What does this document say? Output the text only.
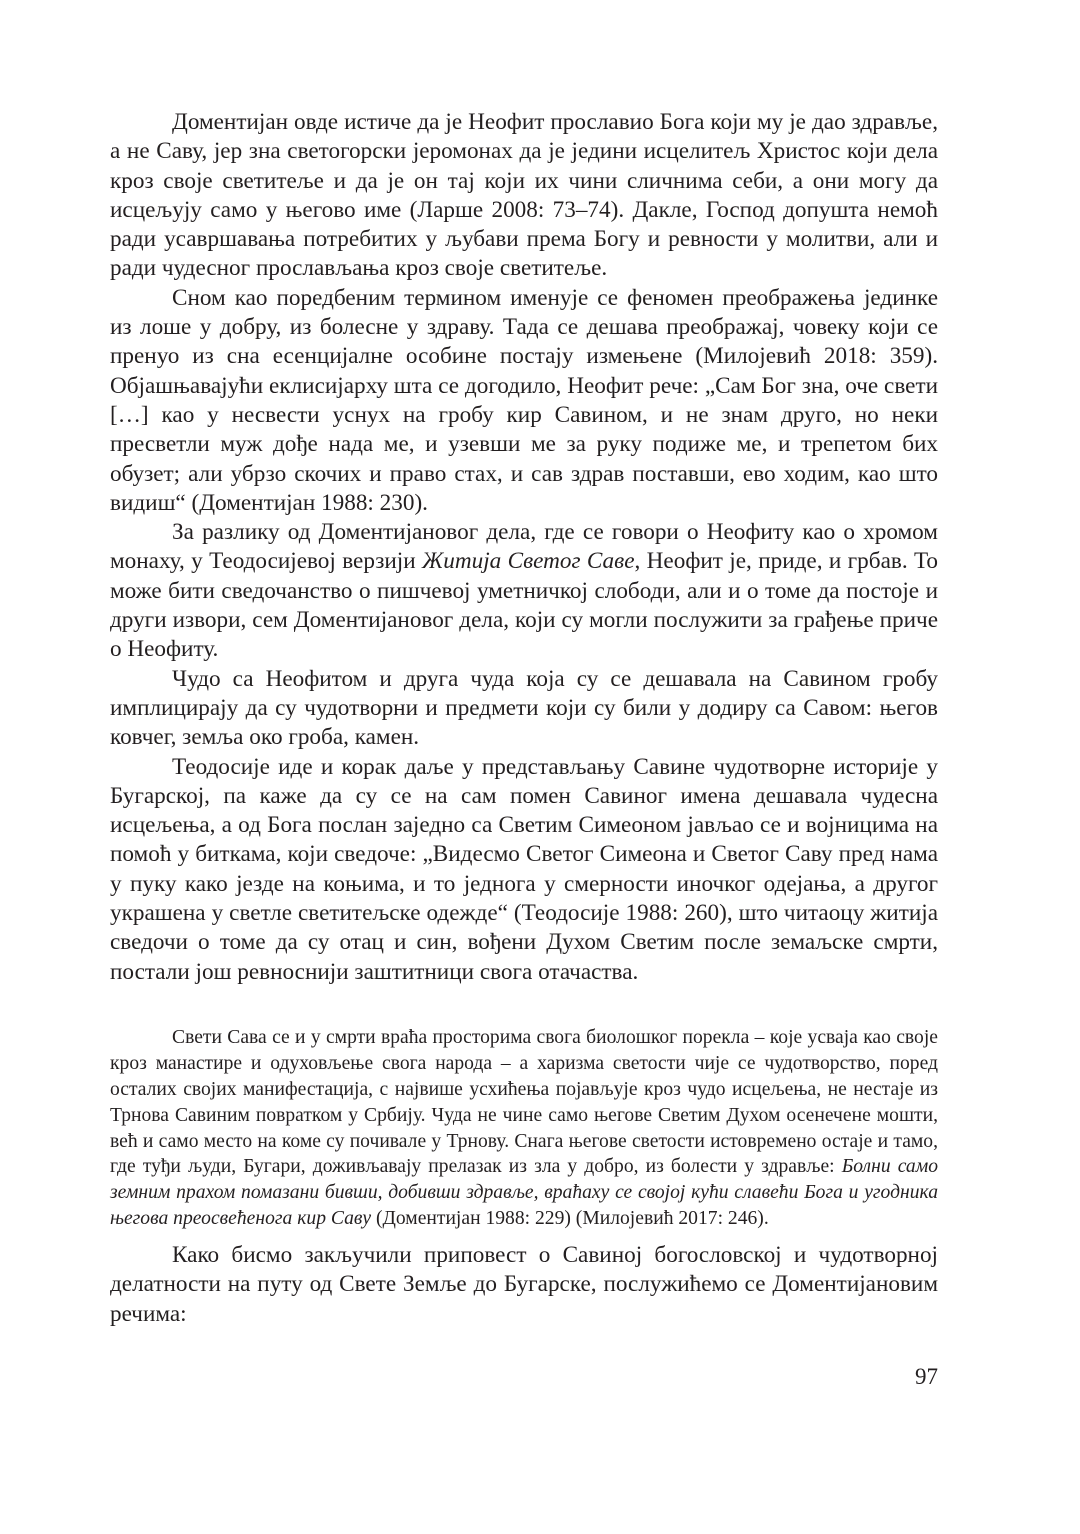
Доментијан овде истиче да је Неофит прославио Бога који му је дао здравље, а не Саву, јер зна светогорски јеромонах да је једини исцелитељ Христос који дела кроз своје светитеље и да је он тај који их чини сличнима себи, а они могу да исцељују само у његово име (Ларше 2008: 73–74). Дакле, Господ допушта немоћ ради усавршавања потребитих у љубави према Богу и ревности у молитви, али и ради чудесног прослављања кроз своје светитеље.

Сном као поредбеним термином именује се феномен преображења јединке из лоше у добру, из болесне у здраву. Тада се дешава преображај, човеку који се пренуо из сна есенцијалне особине постају измењене (Милојевић 2018: 359). Објашњавајући еклисијарху шта се догодило, Неофит рече: „Сам Бог зна, оче свети […] као у несвести уснух на гробу кир Савином, и не знам друго, но неки пресветли муж дође нада ме, и узевши ме за руку подиже ме, и трепетом бих обузет; али убрзо скочих и право стах, и сав здрав поставши, ево ходим, као што видиш“ (Доментијан 1988: 230).

За разлику од Доментијановог дела, где се говори о Неофиту као о хромом монаху, у Теодосијевој верзији Житија Светог Саве, Неофит је, приде, и грбав. То може бити сведочанство о пишчевој уметничкој слободи, али и о томе да постоје и други извори, сем Доментијановог дела, који су могли послужити за грађење приче о Неофиту.

Чудо са Неофитом и друга чуда која су се дешавала на Савином гробу имплицирају да су чудотворни и предмети који су били у додиру са Савом: његов ковчег, земља око гроба, камен.

Теодосије иде и корак даље у представљању Савине чудотворне историје у Бугарској, па каже да су се на сам помен Савиног имена дешавала чудесна исцељења, а од Бога послан заједно са Светим Симеоном јављао се и војницима на помоћ у биткама, који сведоче: „Видесмо Светог Симеона и Светог Саву пред нама у пуку како језде на коњима, и то једнога у смерности иночког одејања, а другог украшена у светле светитељске одежде“ (Теодосије 1988: 260), што читаоцу житија сведочи о томе да су отац и син, вођени Духом Светим после земаљске смрти, постали још ревноснији заштитници свога отачаства.

Свети Сава се и у смрти враћа просторима свога биолошког порекла – које усваја као своје кроз манастире и одуховљење свога народа – а харизма светости чије се чудотворство, поред осталих својих манифестација, с највише усхићења појављује кроз чудо исцељења, не нестаје из Трнова Савиним повратком у Србију. Чуда не чине само његове Светим Духом осенечене мошти, већ и само место на коме су почивале у Трнову. Снага његове светости истовремено остаје и тамо, где туђи људи, Бугари, доживљавају прелазак из зла у добро, из болести у здравље: Болни само земним прахом помазани бивши, добивши здравље, враћаху се својој кући славећи Бога и угодника његова преосвећенога кир Саву (Доментијан 1988: 229) (Милојевић 2017: 246).

Како бисмо закључили приповест о Савиној богословској и чудотворној делатности на путу од Свете Земље до Бугарске, послужићемо се Доментијановим речима:

97
